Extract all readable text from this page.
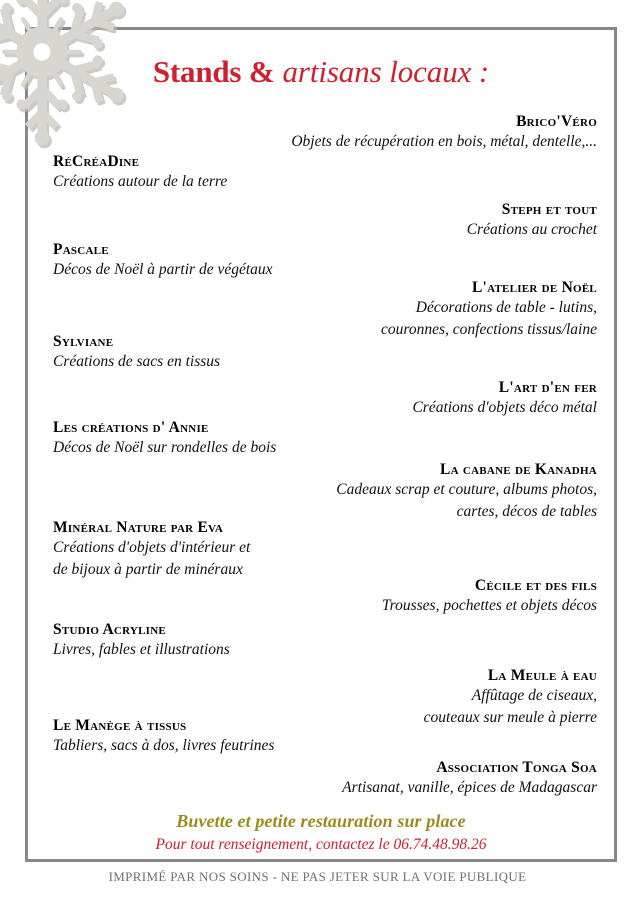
Stands & artisans locaux :
Brico'Véro
Objets de récupération en bois, métal, dentelle,...
RéCréaDine
Créations autour de la terre
Steph et tout
Créations au crochet
Pascale
Décos de Noël à partir de végétaux
L'atelier de Noël
Décorations de table - lutins,
couronnes, confections tissus/laine
Sylviane
Créations de sacs en tissus
L'art d'en fer
Créations d'objets déco métal
Les créations d' Annie
Décos de Noël sur rondelles de bois
La cabane de Kanadha
Cadeaux scrap et couture, albums photos,
cartes, décos de tables
Minéral Nature par Eva
Créations d'objets d'intérieur et
de bijoux à partir de minéraux
Cécile et des fils
Trousses, pochettes et objets décos
Studio Acryline
Livres, fables et illustrations
La Meule à eau
Affûtage de ciseaux,
couteaux sur meule à pierre
Le Manège à tissus
Tabliers, sacs à dos, livres feutrines
Association Tonga Soa
Artisanat, vanille, épices de Madagascar
Buvette et petite restauration sur place
Pour tout renseignement, contactez le 06.74.48.98.26
IMPRIMÉ PAR NOS SOINS - NE PAS JETER SUR LA VOIE PUBLIQUE
